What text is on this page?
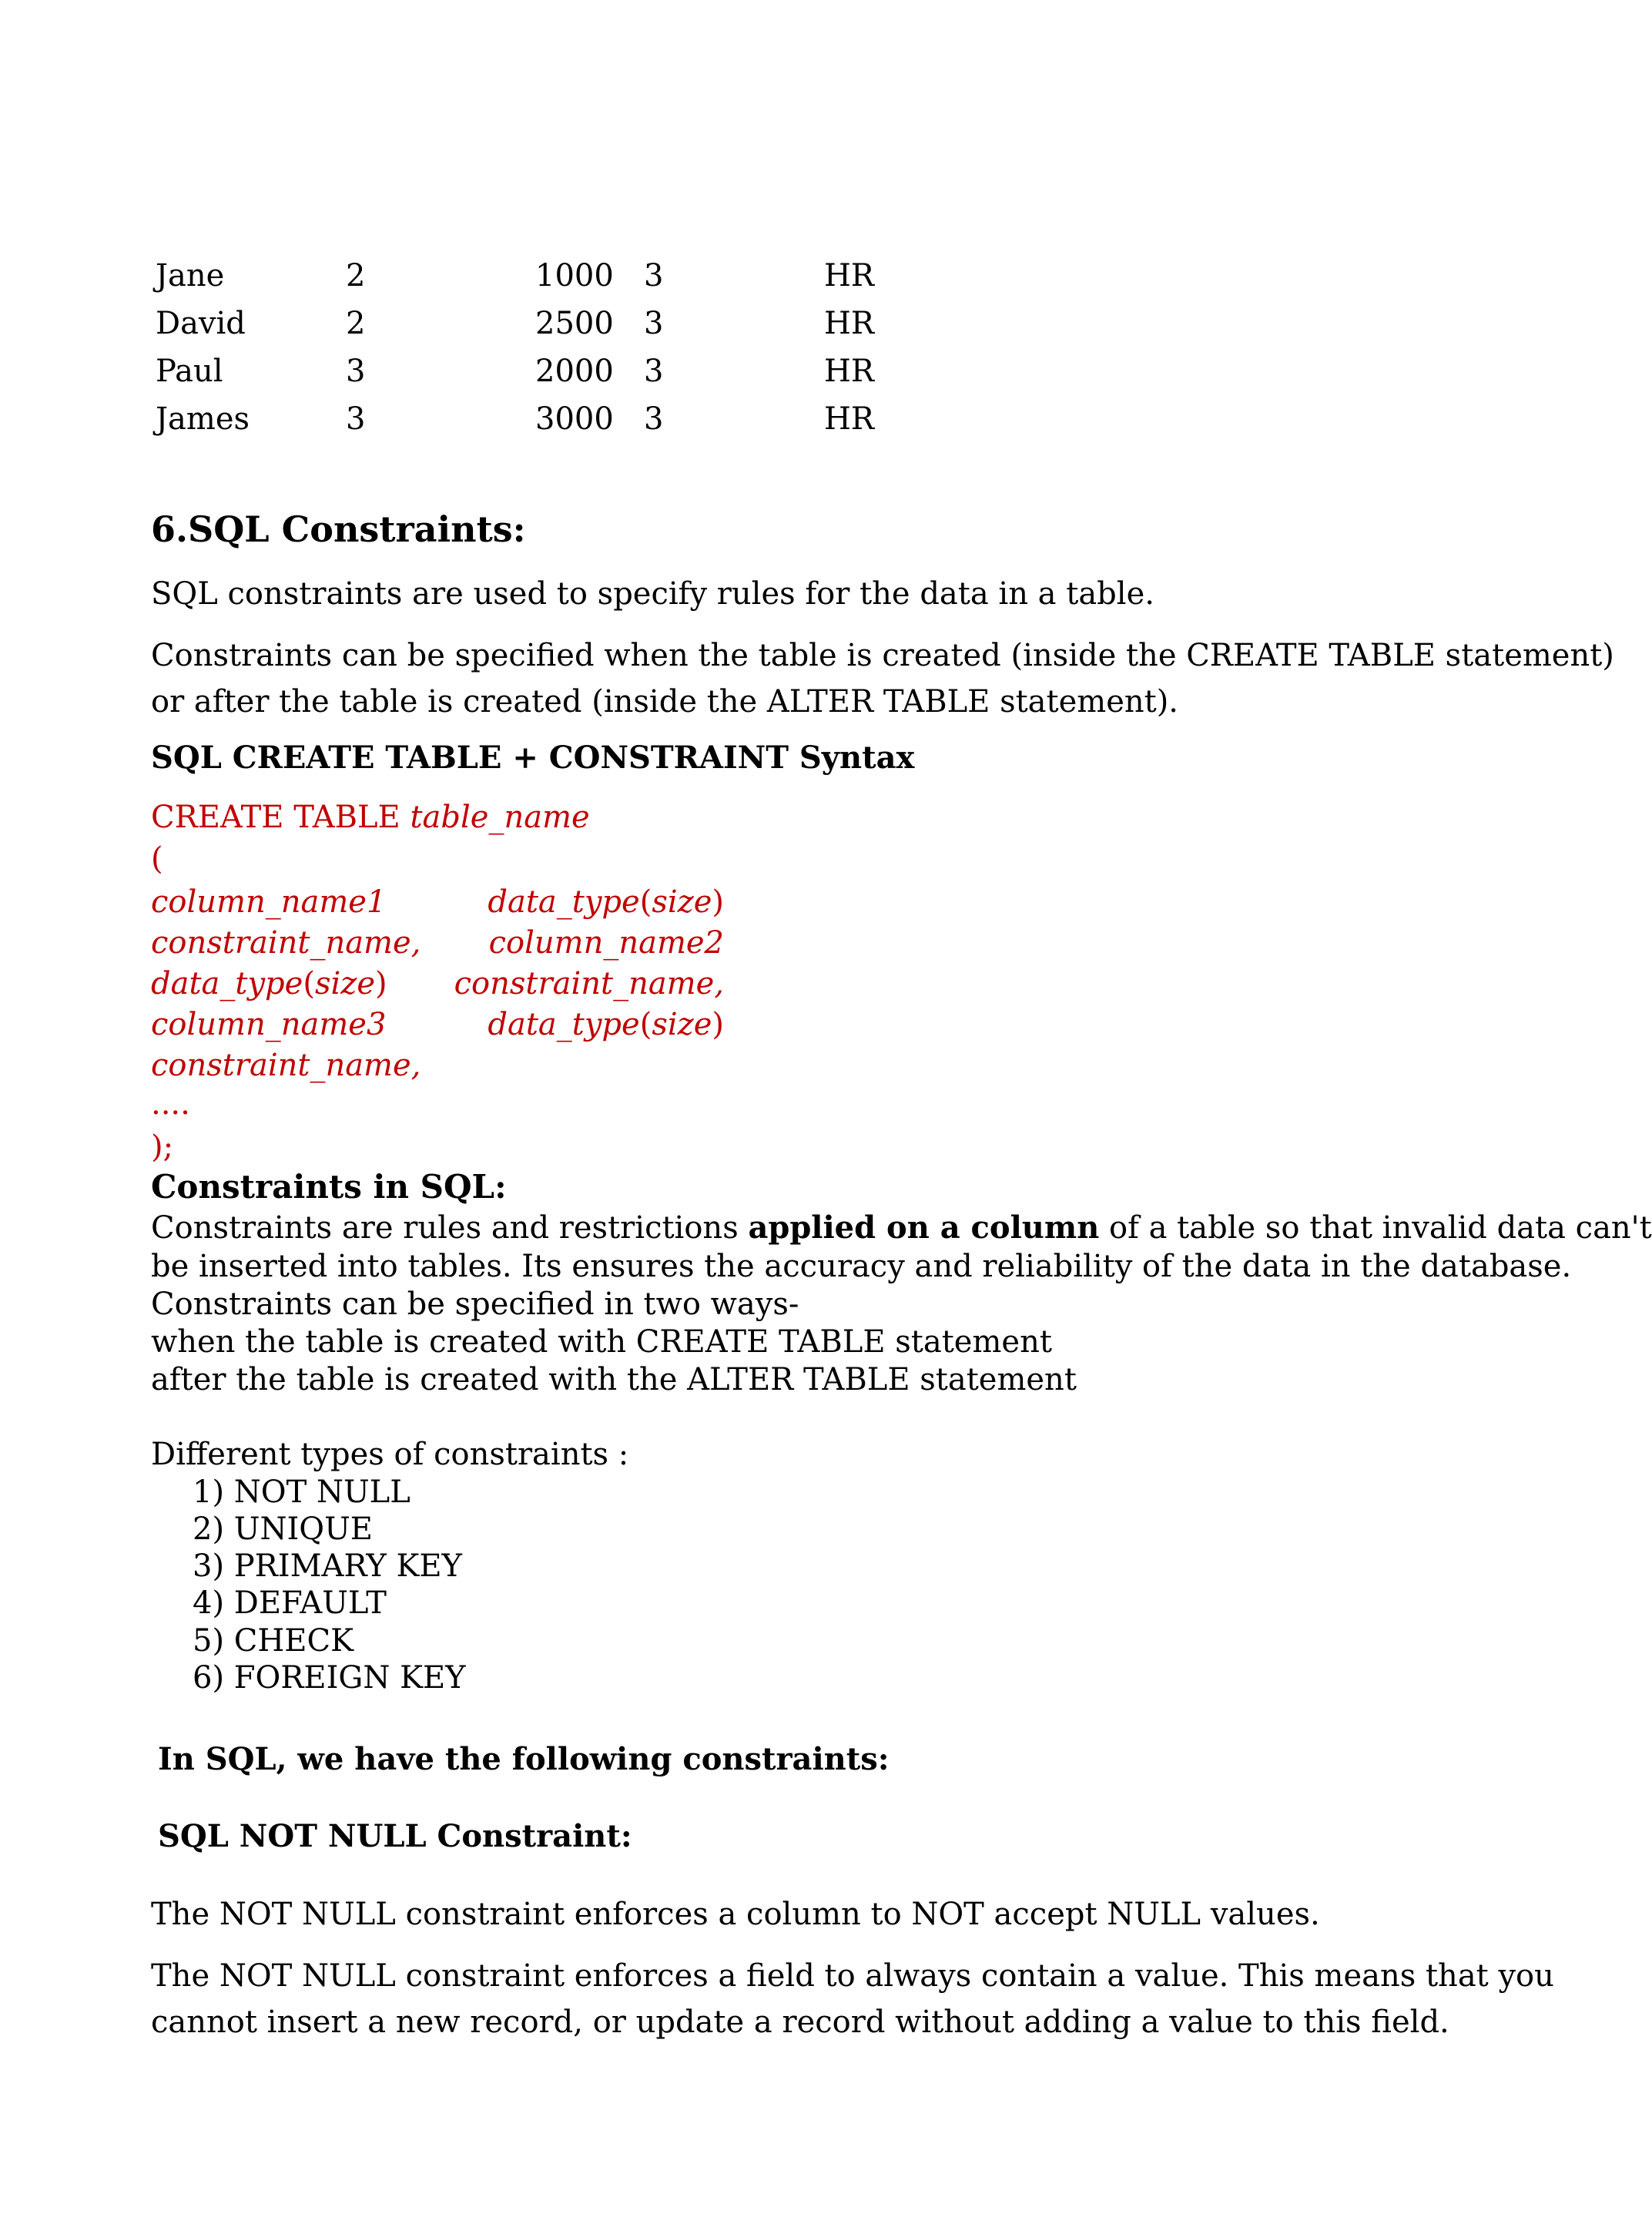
Jane	2	1000 3	HR
David	2	2500 3	HR
Paul	3	2000 3	HR
James	3	3000 3	HR
6.SQL Constraints:
SQL constraints are used to specify rules for the data in a table.
Constraints can be specified when the table is created (inside the CREATE TABLE statement)
or after the table is created (inside the ALTER TABLE statement).
SQL CREATE TABLE + CONSTRAINT Syntax
CREATE TABLE table_name
(
column_name1
constraint_name,
data_type(size)
column_name3
constraint_name,
data_type(size)
column_name2
constraint_name,
data_type(size)
....
);
Constraints in SQL:
Constraints are rules and restrictions applied on a column of a table so that invalid data can't
be inserted into tables. Its ensures the accuracy and reliability of the data in the database.
Constraints can be specified in two ways-
when the table is created with CREATE TABLE statement
after the table is created with the ALTER TABLE statement
Different types of constraints :
1) NOT NULL
2) UNIQUE
3) PRIMARY KEY
4) DEFAULT
5) CHECK
6) FOREIGN KEY
In SQL, we have the following constraints:
SQL NOT NULL Constraint:
The NOT NULL constraint enforces a column to NOT accept NULL values.
The NOT NULL constraint enforces a field to always contain a value. This means that you
cannot insert a new record, or update a record without adding a value to this field.
